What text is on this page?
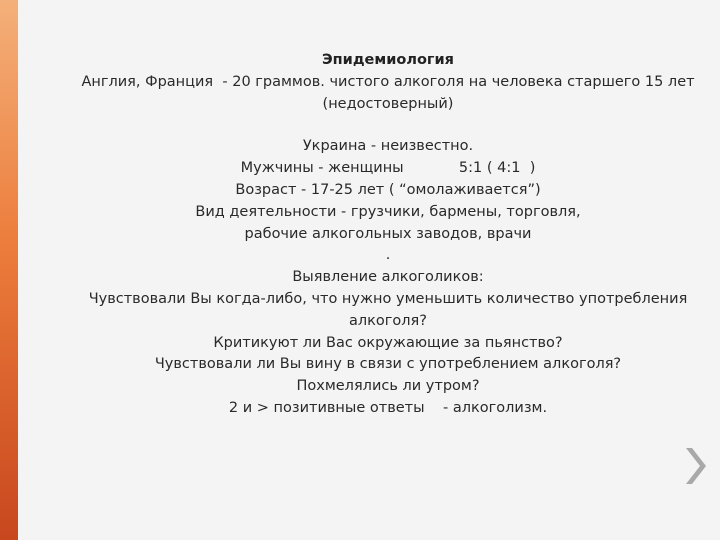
Эпидемиология
Англия, Франция  - 20 граммов. чистого алкоголя на человека старшего 15 лет
(недостоверный)
Украина - неизвестно.
Мужчины - женщины            5:1 ( 4:1  )
Возраст - 17-25 лет ( “омолаживается”)
Вид деятельности - грузчики, бармены, торговля,
рабочие алкогольных заводов, врачи
.
Выявление алкоголиков:
Чувствовали Вы когда-либо, что нужно уменьшить количество употребления
алкоголя?
Критикуют ли Вас окружающие за пьянство?
Чувствовали ли Вы вину в связи с употреблением алкоголя?
Похмелялись ли утром?
2 и > позитивные ответы    - алкоголизм.
